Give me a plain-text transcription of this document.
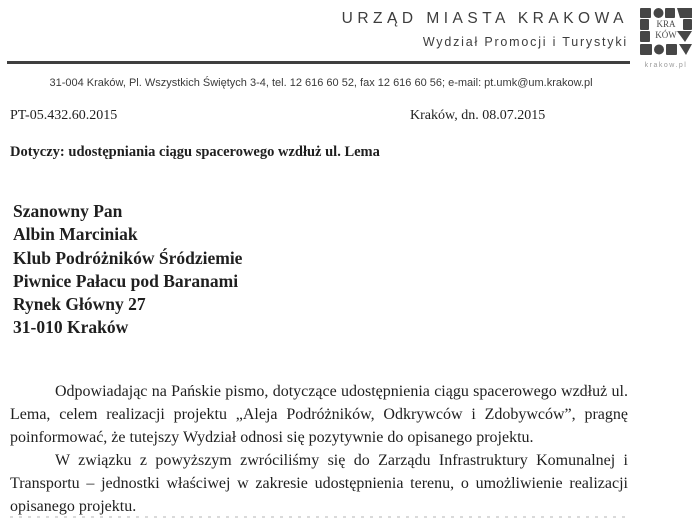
URZĄD MIASTA KRAKOWA
Wydział Promocji i Turystyki
KRA
KÓW
krakow.pl
31-004 Kraków, Pl. Wszystkich Świętych 3-4, tel. 12 616 60 52, fax 12 616 60 56; e-mail: pt.umk@um.krakow.pl
PT-05.432.60.2015	Kraków, dn. 08.07.2015
Dotyczy: udostępniania ciągu spacerowego wzdłuż ul. Lema
Szanowny Pan
Albin Marciniak
Klub Podróżników Śródziemie
Piwnice Pałacu pod Baranami
Rynek Główny 27
31-010 Kraków

Odpowiadając na Pańskie pismo, dotyczące udostępnienia ciągu spacerowego wzdłuż ul. Lema, celem realizacji projektu „Aleja Podróżników, Odkrywców i Zdobywców”, pragnę poinformować, że tutejszy Wydział odnosi się pozytywnie do opisanego projektu.

W związku z powyższym zwróciliśmy się do Zarządu Infrastruktury Komunalnej i Transportu – jednostki właściwej w zakresie udostępnienia terenu, o umożliwienie realizacji opisanego projektu.
